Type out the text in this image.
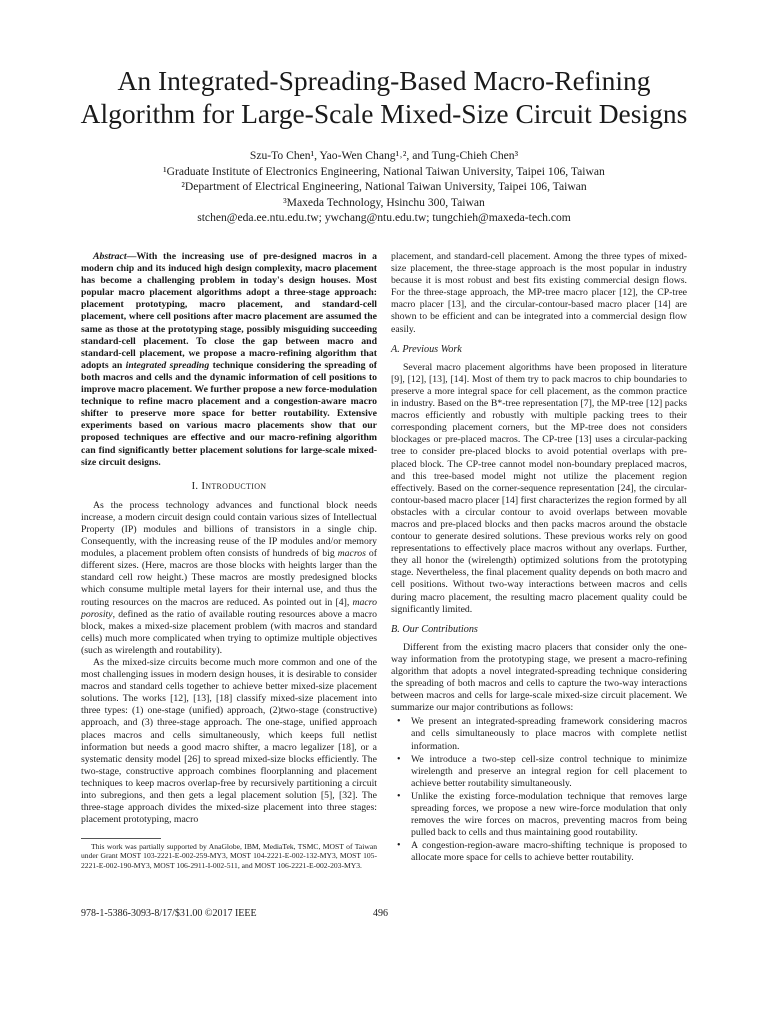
An Integrated-Spreading-Based Macro-Refining
Algorithm for Large-Scale Mixed-Size Circuit Designs
Szu-To Chen¹, Yao-Wen Chang¹˒², and Tung-Chieh Chen³
¹Graduate Institute of Electronics Engineering, National Taiwan University, Taipei 106, Taiwan
²Department of Electrical Engineering, National Taiwan University, Taipei 106, Taiwan
³Maxeda Technology, Hsinchu 300, Taiwan
stchen@eda.ee.ntu.edu.tw; ywchang@ntu.edu.tw; tungchieh@maxeda-tech.com

Abstract—With the increasing use of pre-designed macros in a modern chip and its induced high design complexity, macro placement has become a challenging problem in today's design houses. Most popular macro placement algorithms adopt a three-stage approach: placement prototyping, macro placement, and standard-cell placement, where cell positions after macro placement are assumed the same as those at the prototyping stage, possibly misguiding succeeding standard-cell placement. To close the gap between macro and standard-cell placement, we propose a macro-refining algorithm that adopts an integrated spreading technique considering the spreading of both macros and cells and the dynamic information of cell positions to improve macro placement. We further propose a new force-modulation technique to refine macro placement and a congestion-aware macro shifter to preserve more space for better routability. Extensive experiments based on various macro placements show that our proposed techniques are effective and our macro-refining algorithm can find significantly better placement solutions for large-scale mixed-size circuit designs.

I. Introduction

As the process technology advances and functional block needs increase, a modern circuit design could contain various sizes of Intellectual Property (IP) modules and billions of transistors in a single chip. Consequently, with the increasing reuse of the IP modules and/or memory modules, a placement problem often consists of hundreds of big macros of different sizes. (Here, macros are those blocks with heights larger than the standard cell row height.) These macros are mostly predesigned blocks which consume multiple metal layers for their internal use, and thus the routing resources on the macros are reduced. As pointed out in [4], macro porosity, defined as the ratio of available routing resources above a macro block, makes a mixed-size placement problem (with macros and standard cells) much more complicated when trying to optimize multiple objectives (such as wirelength and routability).

As the mixed-size circuits become much more common and one of the most challenging issues in modern design houses, it is desirable to consider macros and standard cells together to achieve better mixed-size placement solutions. The works [12], [13], [18] classify mixed-size placement into three types: (1) one-stage (unified) approach, (2)two-stage (constructive) approach, and (3) three-stage approach. The one-stage, unified approach places macros and cells simultaneously, which keeps full netlist information but needs a good macro shifter, a macro legalizer [18], or a systematic density model [26] to spread mixed-size blocks efficiently. The two-stage, constructive approach combines floorplanning and placement techniques to keep macros overlap-free by recursively partitioning a circuit into subregions, and then gets a legal placement solution [5], [32]. The three-stage approach divides the mixed-size placement into three stages: placement prototyping, macro

placement, and standard-cell placement. Among the three types of mixed-size placement, the three-stage approach is the most popular in industry because it is most robust and best fits existing commercial design flows. For the three-stage approach, the MP-tree macro placer [12], the CP-tree macro placer [13], and the circular-contour-based macro placer [14] are shown to be efficient and can be integrated into a commercial design flow easily.

A. Previous Work

Several macro placement algorithms have been proposed in literature [9], [12], [13], [14]. Most of them try to pack macros to chip boundaries to preserve a more integral space for cell placement, as the common practice in industry. Based on the B*-tree representation [7], the MP-tree [12] packs macros efficiently and robustly with multiple packing trees to their corresponding placement corners, but the MP-tree does not considers blockages or pre-placed macros. The CP-tree [13] uses a circular-packing tree to consider pre-placed blocks to avoid potential overlaps with pre-placed block. The CP-tree cannot model non-boundary preplaced macros, and this tree-based model might not utilize the placement region effectively. Based on the corner-sequence representation [24], the circular-contour-based macro placer [14] first characterizes the region formed by all obstacles with a circular contour to avoid overlaps between movable macros and pre-placed blocks and then packs macros around the obstacle contour to generate desired solutions. These previous works rely on good representations to effectively place macros without any overlaps. Further, they all honor the (wirelength) optimized solutions from the prototyping stage. Nevertheless, the final placement quality depends on both macro and cell positions. Without two-way interactions between macros and cells during macro placement, the resulting macro placement quality could be significantly limited.

B. Our Contributions

Different from the existing macro placers that consider only the one-way information from the prototyping stage, we present a macro-refining algorithm that adopts a novel integrated-spreading technique considering the spreading of both macros and cells to capture the two-way interactions between macros and cells for large-scale mixed-size circuit placement. We summarize our major contributions as follows:

• We present an integrated-spreading framework considering macros and cells simultaneously to place macros with complete netlist information.
• We introduce a two-step cell-size control technique to minimize wirelength and preserve an integral region for cell placement to achieve better routability simultaneously.
• Unlike the existing force-modulation technique that removes large spreading forces, we propose a new wire-force modulation that only removes the wire forces on macros, preventing macros from being pulled back to cells and thus maintaining good routability.
• A congestion-region-aware macro-shifting technique is proposed to allocate more space for cells to achieve better routability.

This work was partially supported by AnaGlobe, IBM, MediaTek, TSMC, MOST of Taiwan under Grant MOST 103-2221-E-002-259-MY3, MOST 104-2221-E-002-132-MY3, MOST 105-2221-E-002-190-MY3, MOST 106-2911-I-002-511, and MOST 106-2221-E-002-203-MY3.

978-1-5386-3093-8/17/$31.00 ©2017 IEEE	496
